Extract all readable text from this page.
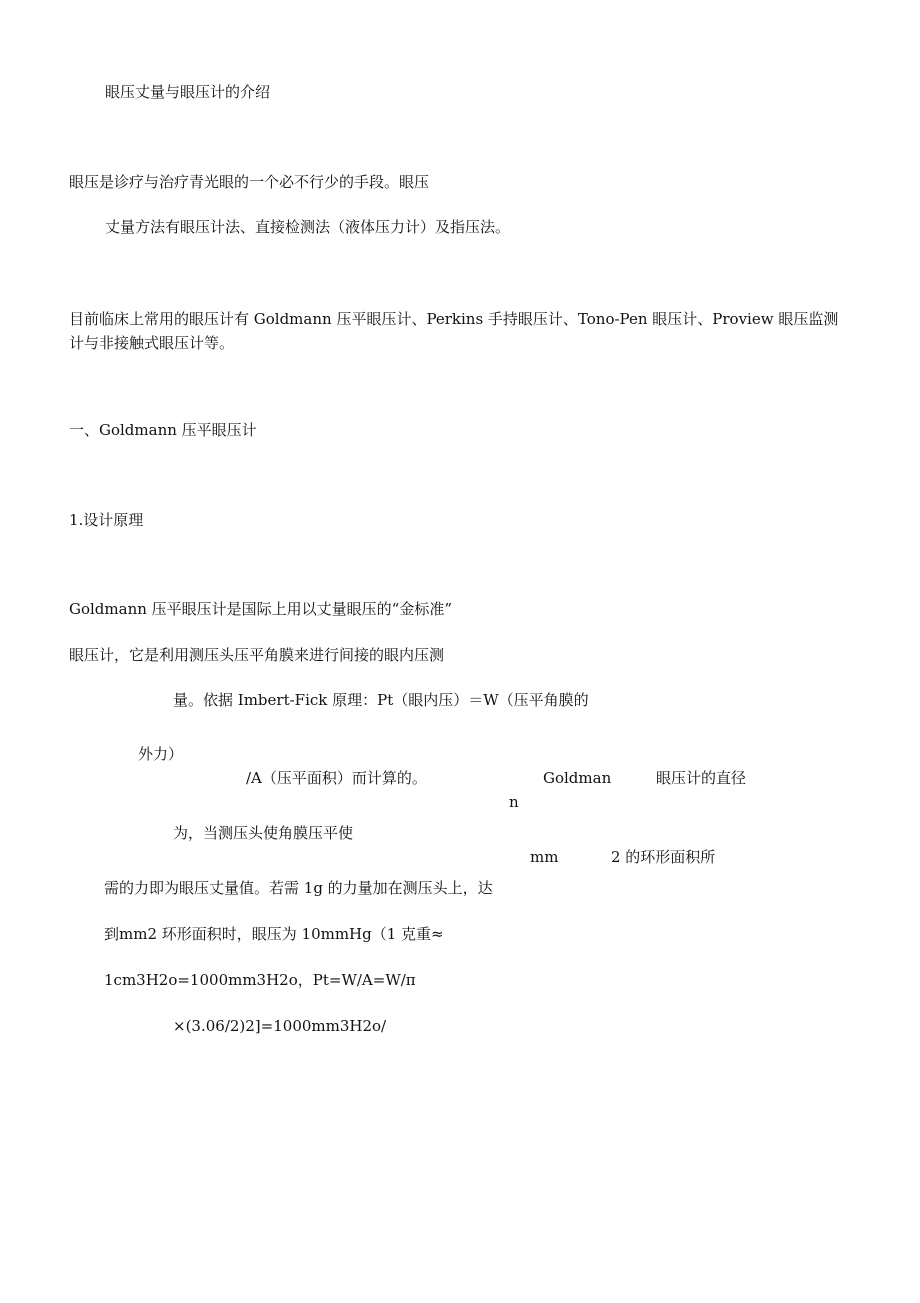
眼压丈量与眼压计的介绍

眼压是诊疗与治疗青光眼的一个必不行少的手段。眼压

丈量方法有眼压计法、直接检测法（液体压力计）及指压法。

目前临床上常用的眼压计有 Goldmann 压平眼压计、Perkins 手持眼压计、Tono-Pen 眼压计、Proview 眼压监测计与非接触式眼压计等。

一、Goldmann 压平眼压计

1.设计原理

Goldmann 压平眼压计是国际上用以丈量眼压的“金标准”

眼压计，它是利用测压头压平角膜来进行间接的眼内压测

量。依据 Imbert-Fick 原理：Pt（眼内压）＝W（压平角膜的

外力）

/A（压平面积）而计算的。	Goldman	眼压计的直径

n

为，当测压头使角膜压平使

mm	2 的环形面积所

需的力即为眼压丈量值。若需 1g 的力量加在测压头上，达

到mm2 环形面积时，眼压为 10mmHg（1 克重≈

1cm3H2o=1000mm3H2o，Pt=W/A=W/π

×(3.06/2)2]=1000mm3H2o/
